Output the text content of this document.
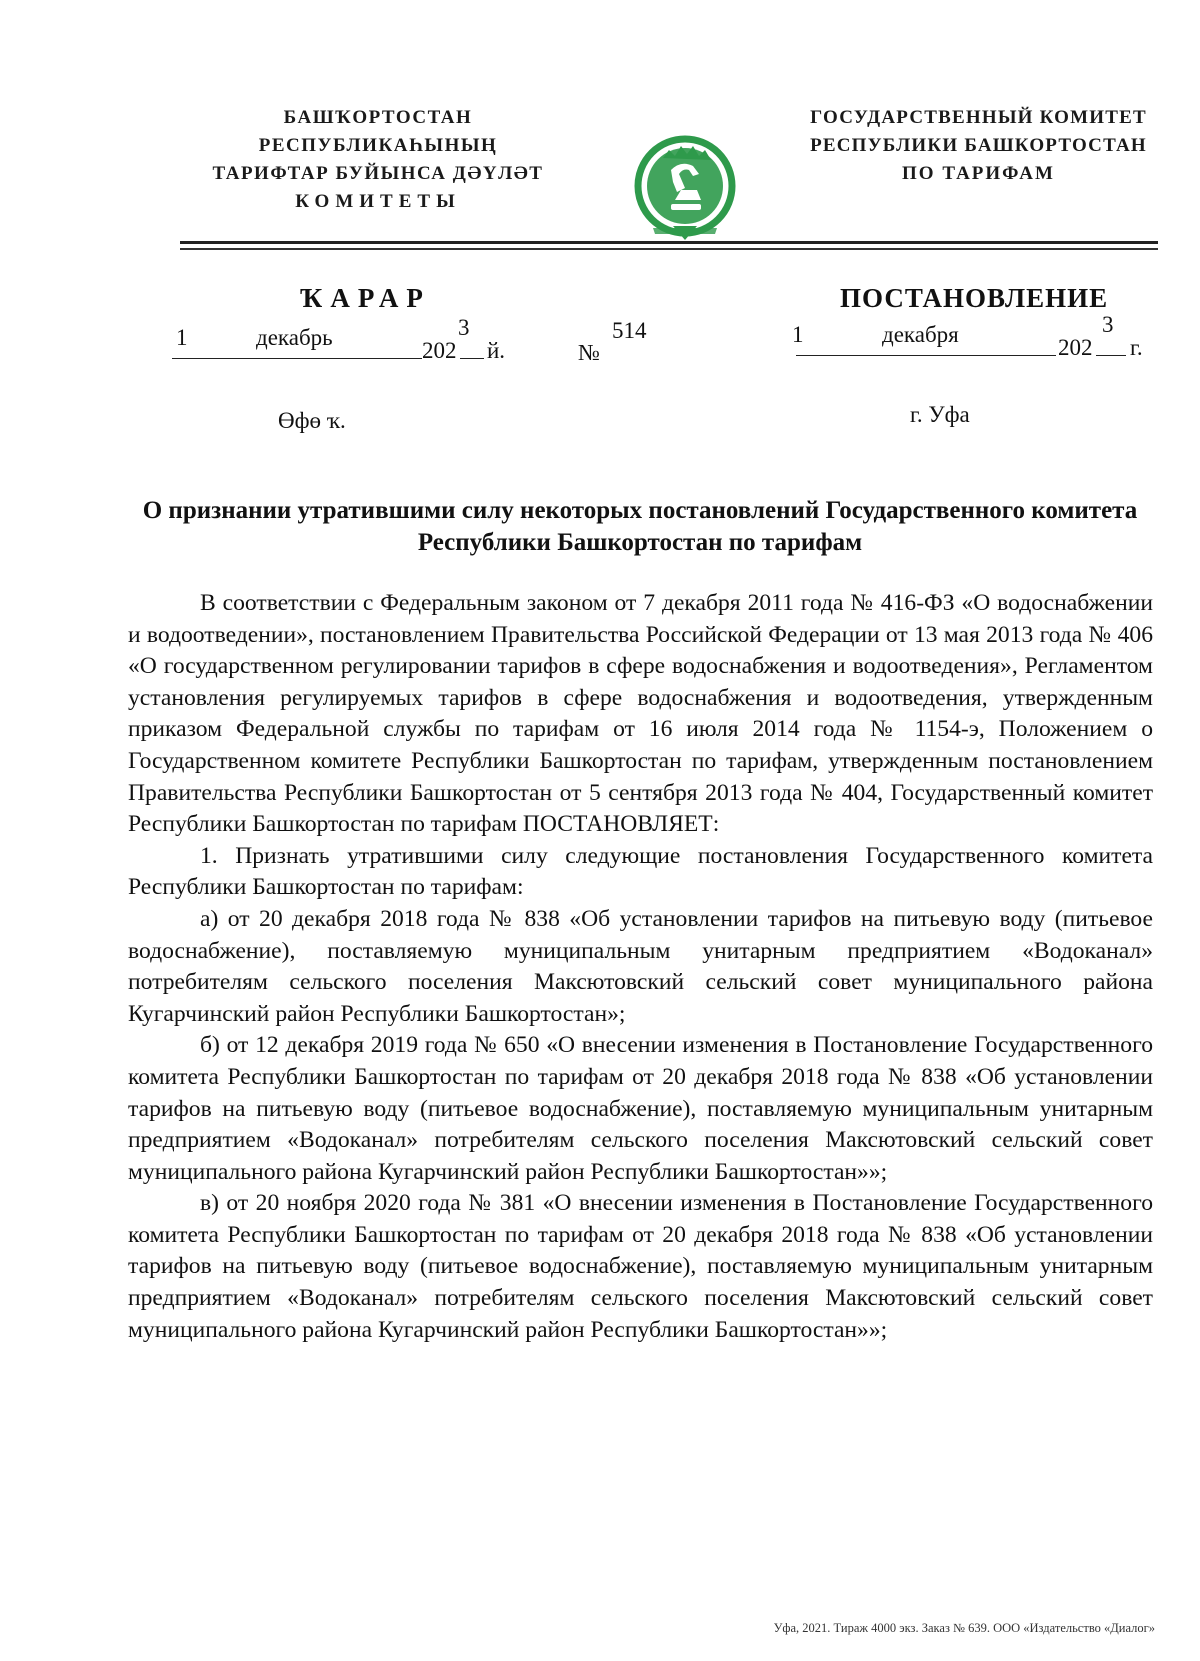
БАШҠОРТОСТАН РЕСПУБЛИКАҺЫНЫҢ
ТАРИФТАР БУЙЫНСА ДӘҮЛӘТ
КОМИТЕТЫ
ГОСУДАРСТВЕННЫЙ КОМИТЕТ
РЕСПУБЛИКИ БАШКОРТОСТАН
ПО ТАРИФАМ
ҠАРАР
1	декабрь
202
3
й.	№
514
ПОСТАНОВЛЕНИЕ
1	декабря
202
3
г.
Өфө ҡ.	г. Уфа
О признании утратившими силу некоторых постановлений Государственного комитета Республики Башкортостан по тарифам

В соответствии с Федеральным законом от 7 декабря 2011 года № 416-ФЗ «О водоснабжении и водоотведении», постановлением Правительства Российской Федерации от 13 мая 2013 года № 406 «О государственном регулировании тарифов в сфере водоснабжения и водоотведения», Регламентом установления регулируемых тарифов в сфере водоснабжения и водоотведения, утвержденным приказом Федеральной службы по тарифам от 16 июля 2014 года № 1154-э, Положением о Государственном комитете Республики Башкортостан по тарифам, утвержденным постановлением Правительства Республики Башкортостан от 5 сентября 2013 года № 404, Государственный комитет Республики Башкортостан по тарифам ПОСТАНОВЛЯЕТ:

1. Признать утратившими силу следующие постановления Государственного комитета Республики Башкортостан по тарифам:

а) от 20 декабря 2018 года № 838 «Об установлении тарифов на питьевую воду (питьевое водоснабжение), поставляемую муниципальным унитарным предприятием «Водоканал» потребителям сельского поселения Максютовский сельский совет муниципального района Кугарчинский район Республики Башкортостан»;

б) от 12 декабря 2019 года № 650 «О внесении изменения в Постановление Государственного комитета Республики Башкортостан по тарифам от 20 декабря 2018 года № 838 «Об установлении тарифов на питьевую воду (питьевое водоснабжение), поставляемую муниципальным унитарным предприятием «Водоканал» потребителям сельского поселения Максютовский сельский совет муниципального района Кугарчинский район Республики Башкортостан»»;

в) от 20 ноября 2020 года № 381 «О внесении изменения в Постановление Государственного комитета Республики Башкортостан по тарифам от 20 декабря 2018 года № 838 «Об установлении тарифов на питьевую воду (питьевое водоснабжение), поставляемую муниципальным унитарным предприятием «Водоканал» потребителям сельского поселения Максютовский сельский совет муниципального района Кугарчинский район Республики Башкортостан»»;

Уфа, 2021. Тираж 4000 экз. Заказ № 639. ООО «Издательство «Диалог»
